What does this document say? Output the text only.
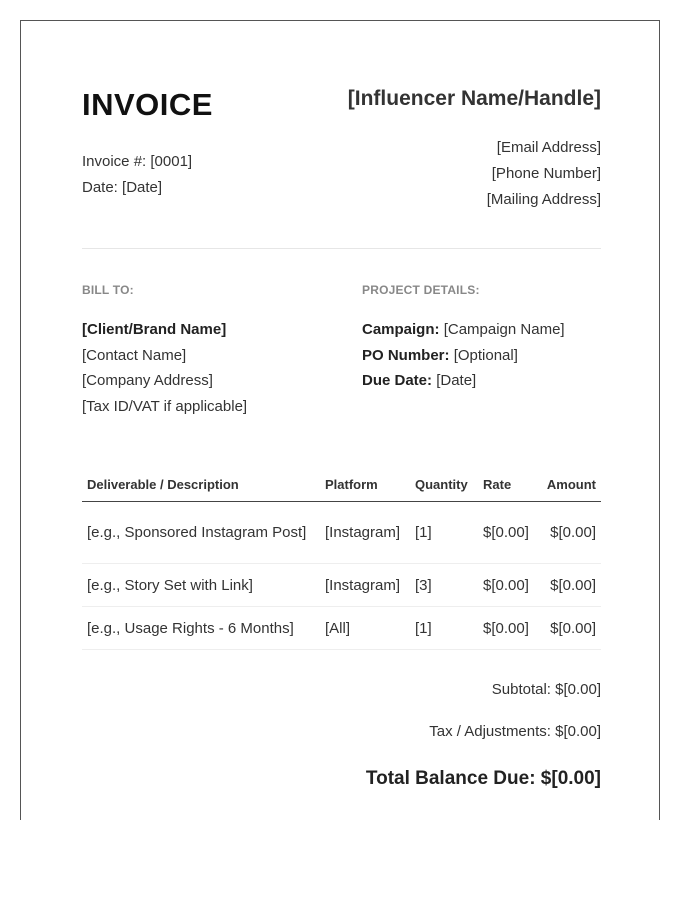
INVOICE
Invoice #: [0001]
Date: [Date]
[Influencer Name/Handle]
[Email Address]
[Phone Number]
[Mailing Address]
BILL TO:	PROJECT DETAILS:
[Client/Brand Name]
[Contact Name]
[Company Address]
[Tax ID/VAT if applicable]
Campaign: [Campaign Name]
PO Number: [Optional]
Due Date: [Date]
Deliverable / Description	Platform	Quantity	Rate	Amount
[e.g., Sponsored Instagram Post]	[Instagram]	[1]	$[0.00]	$[0.00]
[e.g., Story Set with Link]	[Instagram]	[3]	$[0.00]	$[0.00]
[e.g., Usage Rights - 6 Months]	[All]	[1]	$[0.00]	$[0.00]
Subtotal: $[0.00]
Tax / Adjustments: $[0.00]
Total Balance Due: $[0.00]
